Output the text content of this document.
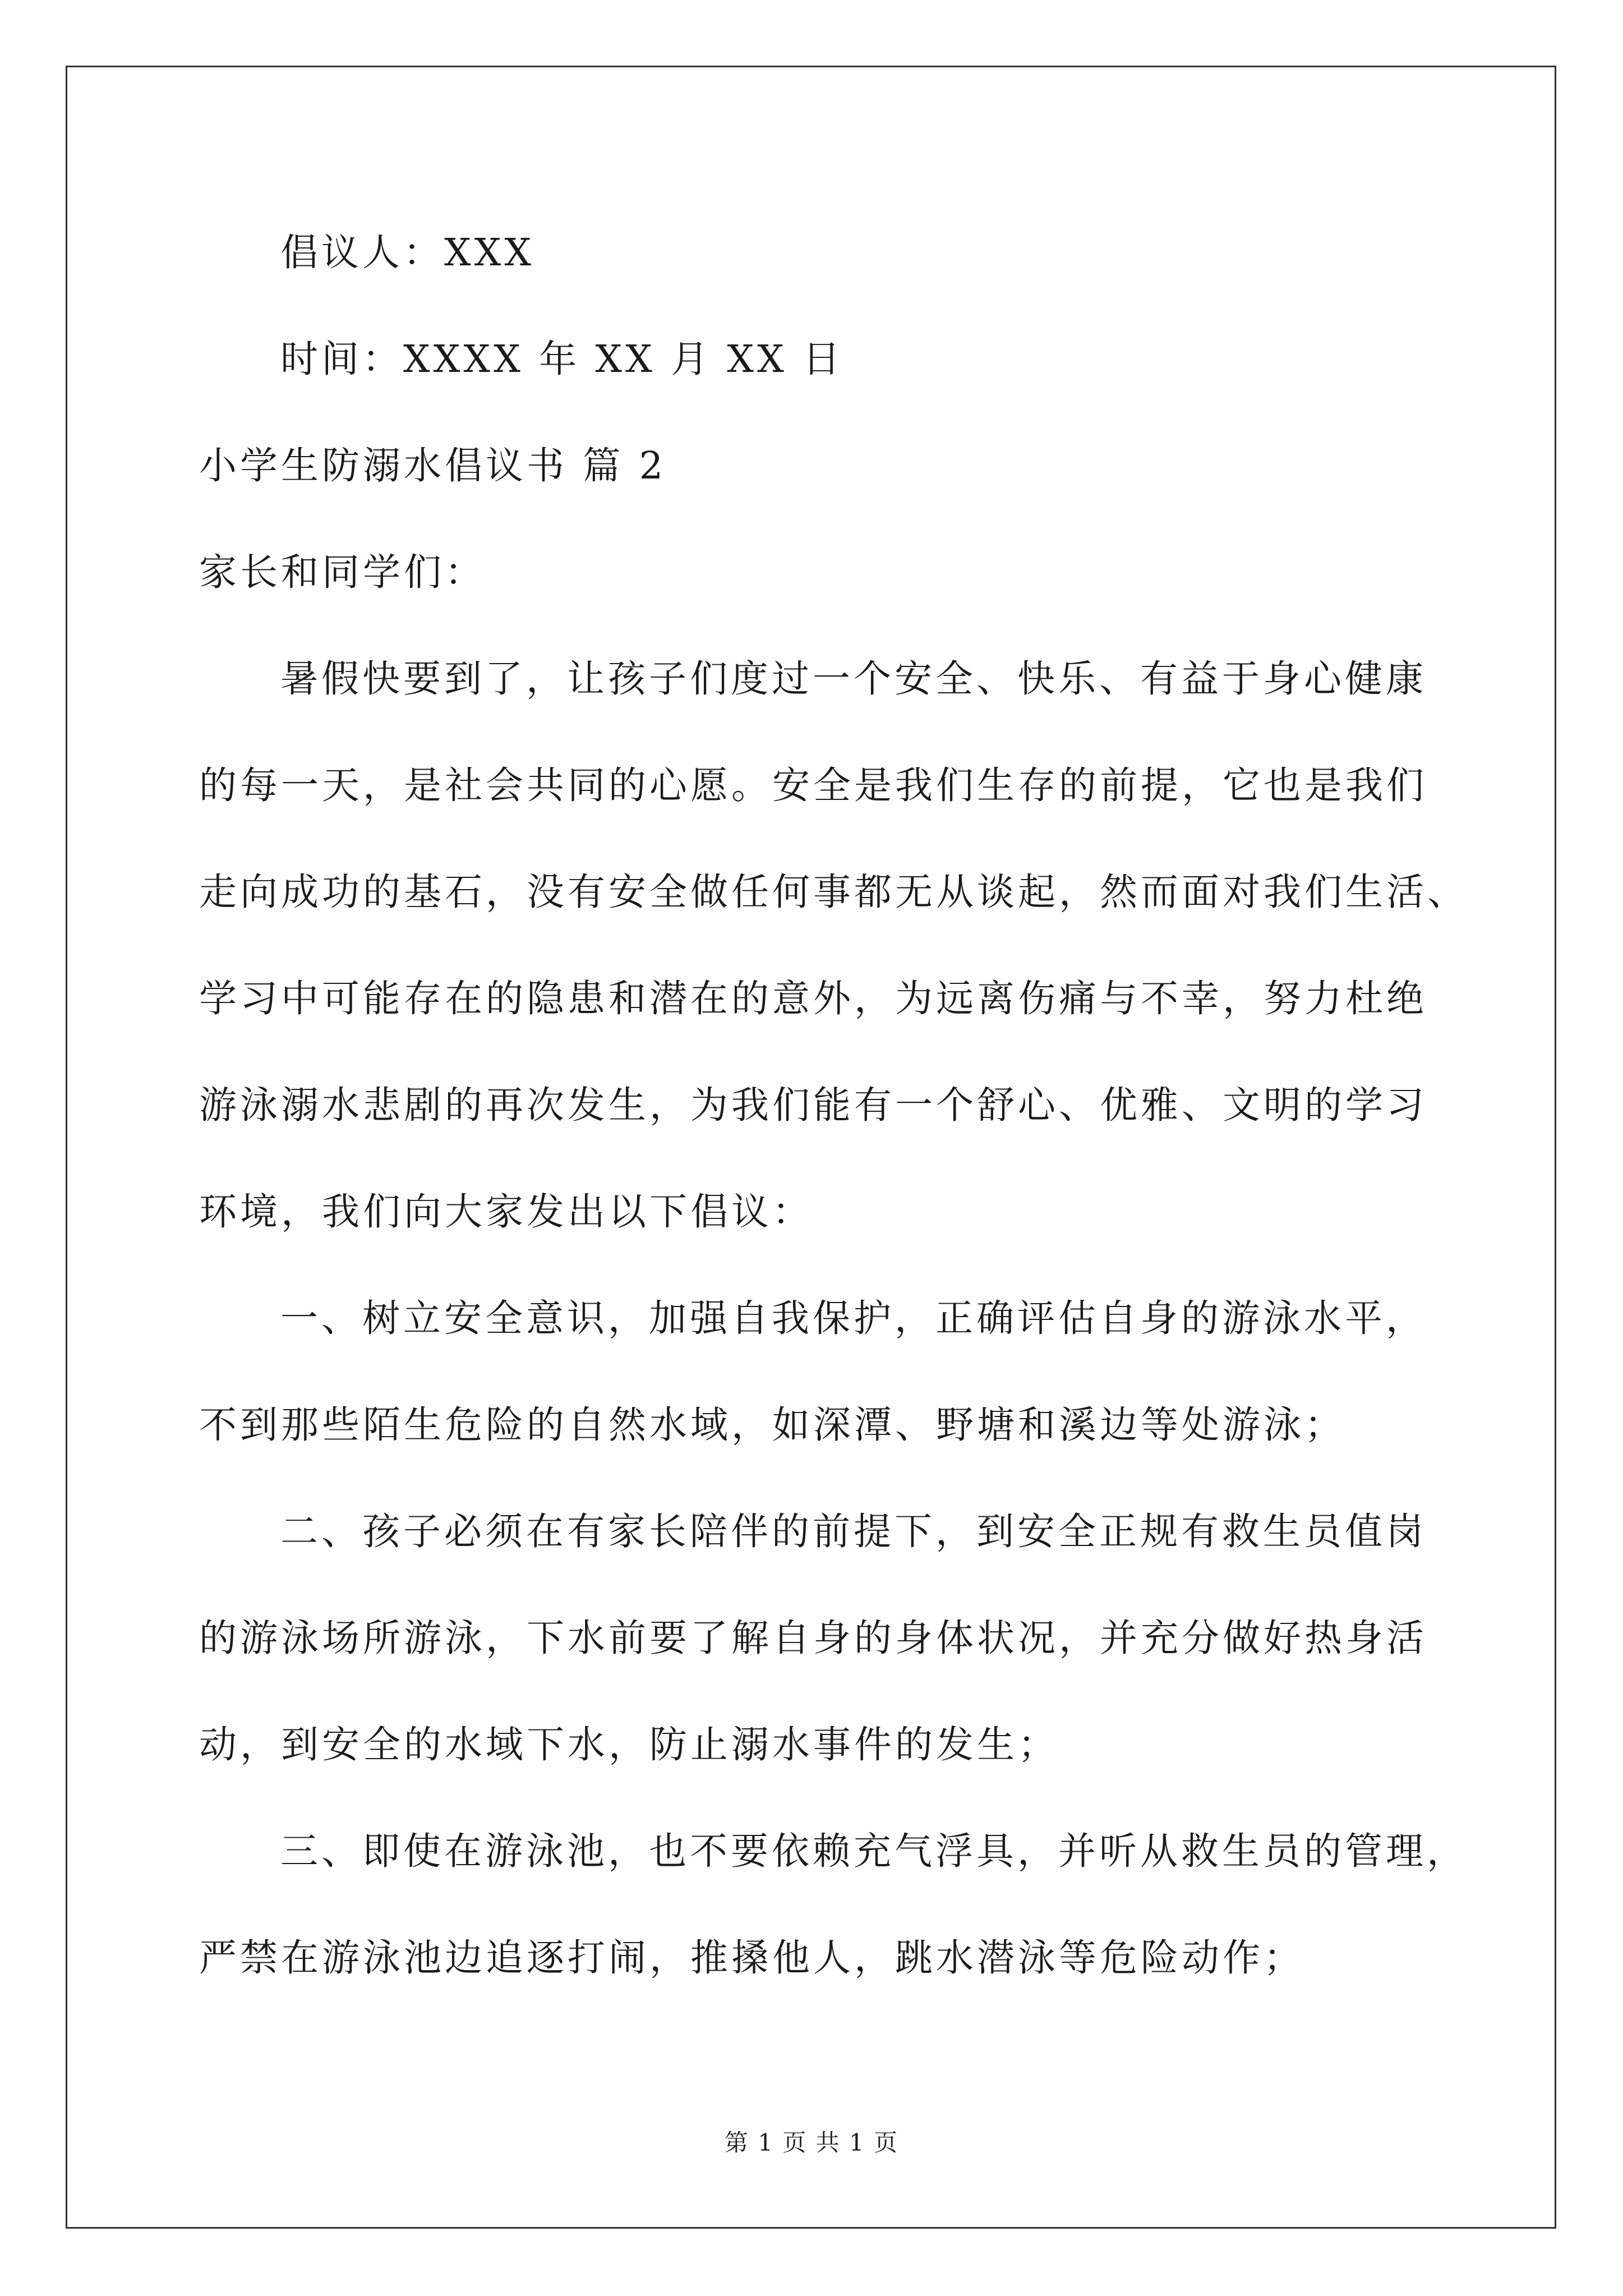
倡议人：XXX
时间：XXXX 年 XX 月 XX 日
小学生防溺水倡议书 篇 2
家长和同学们：
暑假快要到了，让孩子们度过一个安全、快乐、有益于身心健康
的每一天，是社会共同的心愿。安全是我们生存的前提，它也是我们
走向成功的基石，没有安全做任何事都无从谈起，然而面对我们生活、
学习中可能存在的隐患和潜在的意外，为远离伤痛与不幸，努力杜绝
游泳溺水悲剧的再次发生，为我们能有一个舒心、优雅、文明的学习
环境，我们向大家发出以下倡议：
一、树立安全意识，加强自我保护，正确评估自身的游泳水平，
不到那些陌生危险的自然水域，如深潭、野塘和溪边等处游泳；
二、孩子必须在有家长陪伴的前提下，到安全正规有救生员值岗
的游泳场所游泳，下水前要了解自身的身体状况，并充分做好热身活
动，到安全的水域下水，防止溺水事件的发生；
三、即使在游泳池，也不要依赖充气浮具，并听从救生员的管理，
严禁在游泳池边追逐打闹，推搡他人，跳水潜泳等危险动作；
第 1 页 共 1 页
